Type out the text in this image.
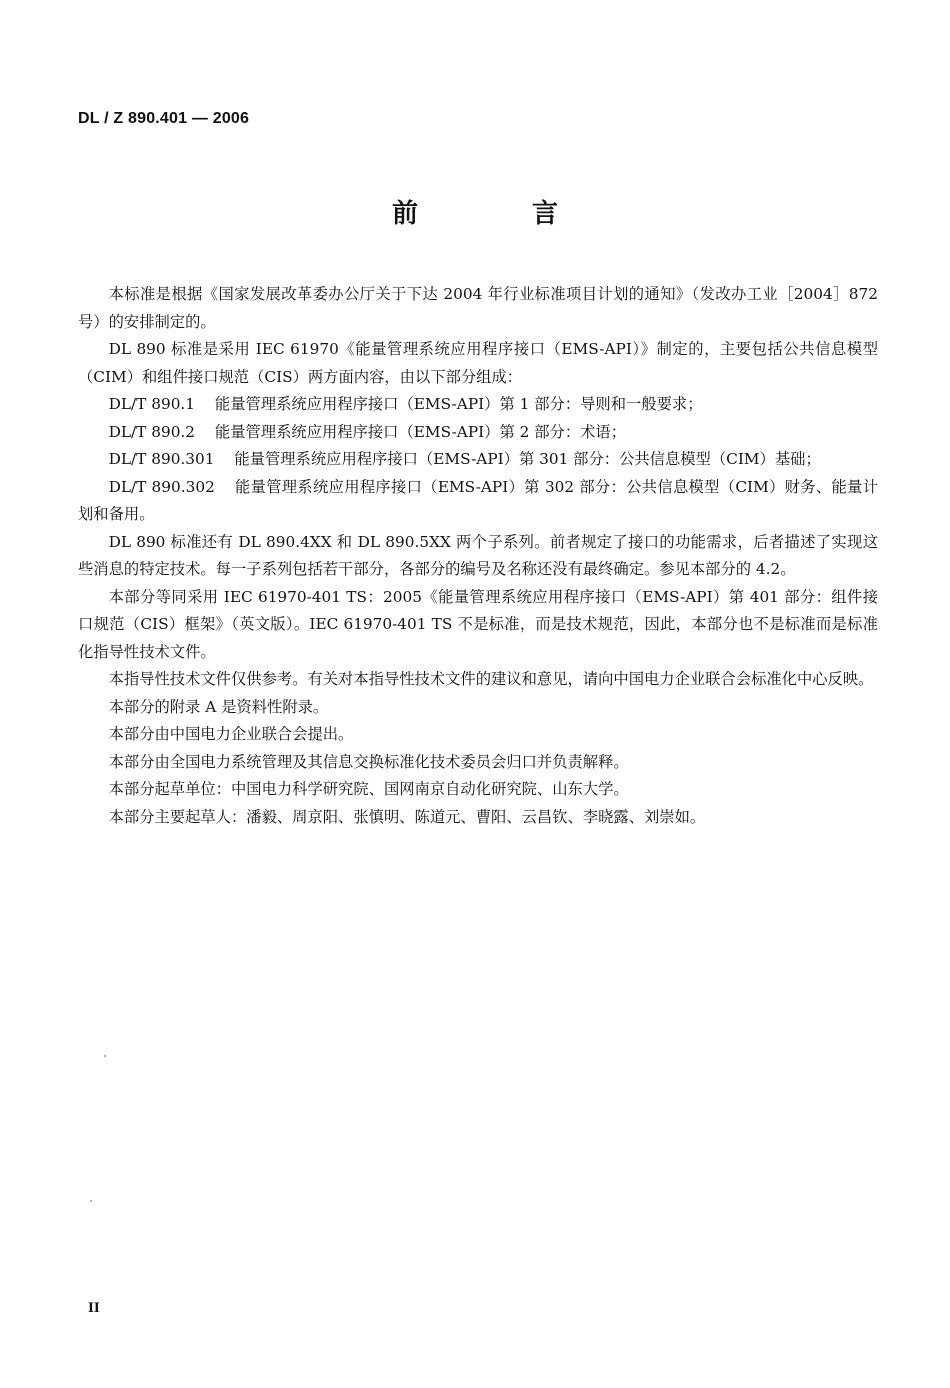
DL / Z 890.401 — 2006
前　言

本标准是根据《国家发展改革委办公厅关于下达 2004 年行业标准项目计划的通知》（发改办工业［2004］872 号）的安排制定的。

DL 890 标准是采用 IEC 61970《能量管理系统应用程序接口（EMS-API）》制定的，主要包括公共信息模型（CIM）和组件接口规范（CIS）两方面内容，由以下部分组成：

DL/T 890.1 能量管理系统应用程序接口（EMS-API）第 1 部分：导则和一般要求；

DL/T 890.2 能量管理系统应用程序接口（EMS-API）第 2 部分：术语；

DL/T 890.301 能量管理系统应用程序接口（EMS-API）第 301 部分：公共信息模型（CIM）基础；

DL/T 890.302 能量管理系统应用程序接口（EMS-API）第 302 部分：公共信息模型（CIM）财务、能量计划和备用。

DL 890 标准还有 DL 890.4XX 和 DL 890.5XX 两个子系列。前者规定了接口的功能需求，后者描述了实现这些消息的特定技术。每一子系列包括若干部分，各部分的编号及名称还没有最终确定。参见本部分的 4.2。

本部分等同采用 IEC 61970-401 TS：2005《能量管理系统应用程序接口（EMS-API）第 401 部分：组件接口规范（CIS）框架》（英文版）。IEC 61970-401 TS 不是标准，而是技术规范，因此，本部分也不是标准而是标准化指导性技术文件。

本指导性技术文件仅供参考。有关对本指导性技术文件的建议和意见，请向中国电力企业联合会标准化中心反映。

本部分的附录 A 是资料性附录。

本部分由中国电力企业联合会提出。

本部分由全国电力系统管理及其信息交换标准化技术委员会归口并负责解释。

本部分起草单位：中国电力科学研究院、国网南京自动化研究院、山东大学。

本部分主要起草人：潘毅、周京阳、张慎明、陈道元、曹阳、云昌钦、李晓露、刘崇如。

II
